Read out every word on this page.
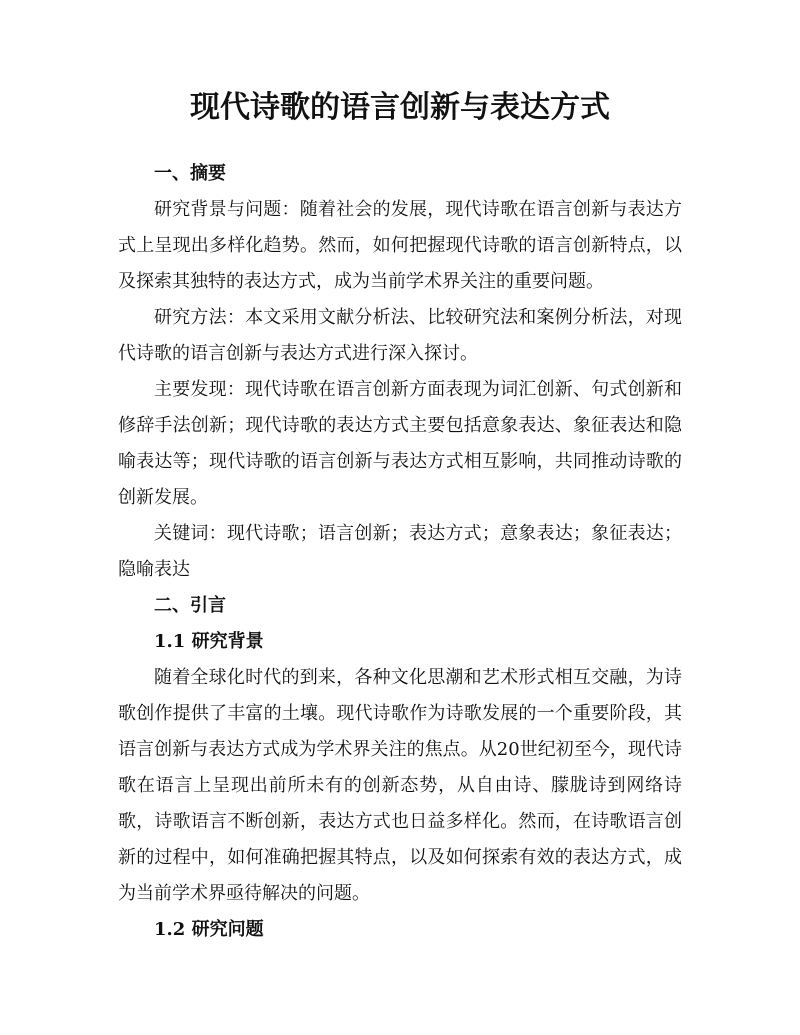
现代诗歌的语言创新与表达方式
一、摘要

研究背景与问题：随着社会的发展，现代诗歌在语言创新与表达方式上呈现出多样化趋势。然而，如何把握现代诗歌的语言创新特点，以及探索其独特的表达方式，成为当前学术界关注的重要问题。

研究方法：本文采用文献分析法、比较研究法和案例分析法，对现代诗歌的语言创新与表达方式进行深入探讨。

主要发现：现代诗歌在语言创新方面表现为词汇创新、句式创新和修辞手法创新；现代诗歌的表达方式主要包括意象表达、象征表达和隐喻表达等；现代诗歌的语言创新与表达方式相互影响，共同推动诗歌的创新发展。

关键词：现代诗歌；语言创新；表达方式；意象表达；象征表达；隐喻表达

二、引言
1.1 研究背景

随着全球化时代的到来，各种文化思潮和艺术形式相互交融，为诗歌创作提供了丰富的土壤。现代诗歌作为诗歌发展的一个重要阶段，其语言创新与表达方式成为学术界关注的焦点。从20世纪初至今，现代诗歌在语言上呈现出前所未有的创新态势，从自由诗、朦胧诗到网络诗歌，诗歌语言不断创新，表达方式也日益多样化。然而，在诗歌语言创新的过程中，如何准确把握其特点，以及如何探索有效的表达方式，成为当前学术界亟待解决的问题。

1.2 研究问题
